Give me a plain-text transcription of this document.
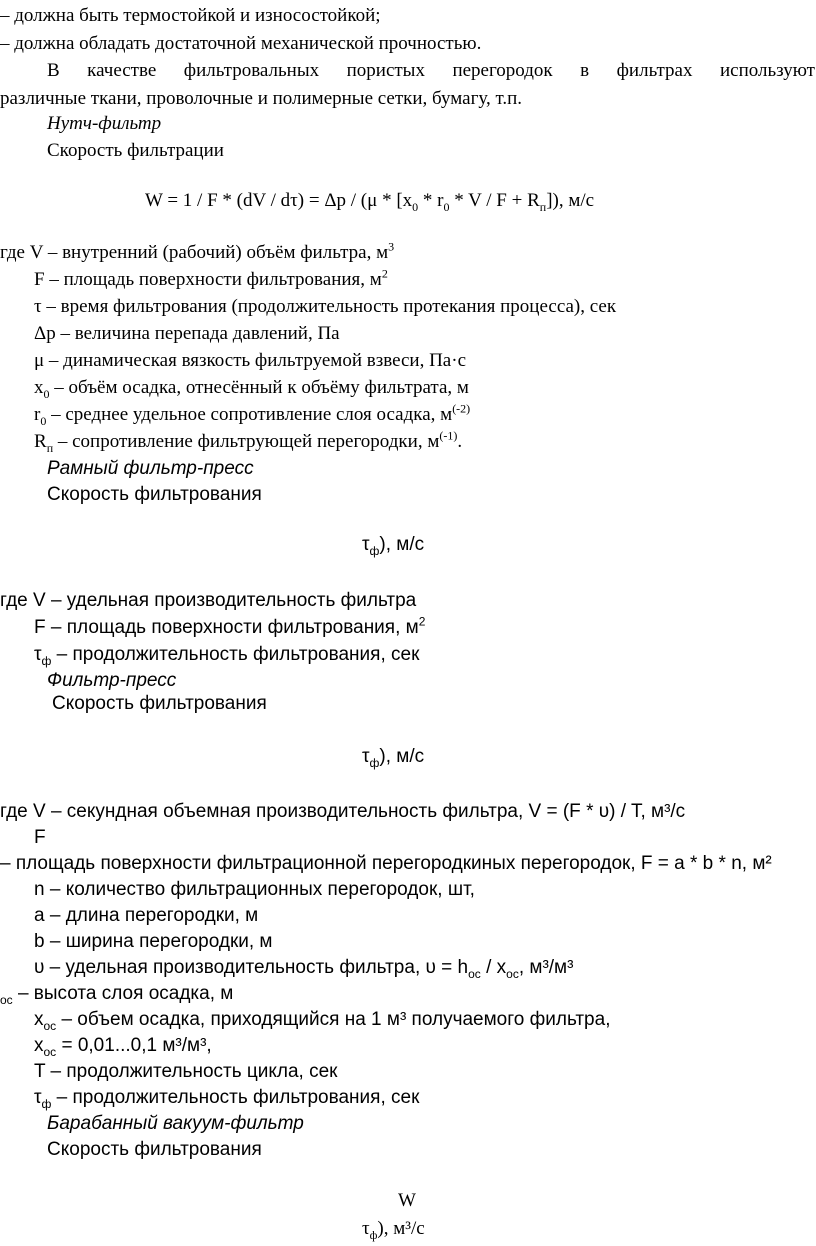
– должна быть термостойкой и износостойкой;
– должна обладать достаточной механической прочностью.
В качестве фильтровальных пористых перегородок в фильтрах используют
различные ткани, проволочные и полимерные сетки, бумагу, т.п.
Нутч-фильтр
Скорость фильтрации
$W = 1 / F * (dV / d\tau) = \Delta p / (\mu * [x_0 * r_0 * V / F + R_п])$, м/с
где V – внутренний (рабочий) объём фильтра, $м^3$
F – площадь поверхности фильтрования, $м^2$
τ – время фильтрования (продолжительность протекания процесса), сек
Δp – величина перепада давлений, Па
μ – динамическая вязкость фильтруемой взвеси, Па·с
$x_0$ – объём осадка, отнесённый к объёму фильтрата, м
$r_0$ – среднее удельное сопротивление слоя осадка, $м^{(-2)}$
$R_п$ – сопротивление фильтрующей перегородки, $м^{(-1)}$.
Рамный фильтр-пресс
Скорость фильтрования
$\tau_ф$), м/с
где V – удельная производительность фильтра
F – площадь поверхности фильтрования, $м^2$
$\tau_ф$ – продолжительность фильтрования, сек
Фильтр-пресс
Скорость фильтрования
$\tau_ф$), м/с
где V – секундная объемная производительность фильтра, V = (F * υ) / T, м³/с
F
– площадь поверхности фильтрационной перегородкиных перегородок, F = a * b * n, м²
n – количество фильтрационных перегородок, шт,
a – длина перегородки, м
b – ширина перегородки, м
υ – удельная производительность фильтра, $\upsilon = h_{ос} / x_{ос}$, м³/м³
$_{ос}$ – высота слоя осадка, м
$x_{ос}$ – объем осадка, приходящийся на 1 м³ получаемого фильтра,
$x_{ос} = 0,01...0,1$ м³/м³,
T – продолжительность цикла, сек
$\tau_ф$ – продолжительность фильтрования, сек
Барабанный вакуум-фильтр
Скорость фильтрования
W
$\tau_ф$), м³/с
